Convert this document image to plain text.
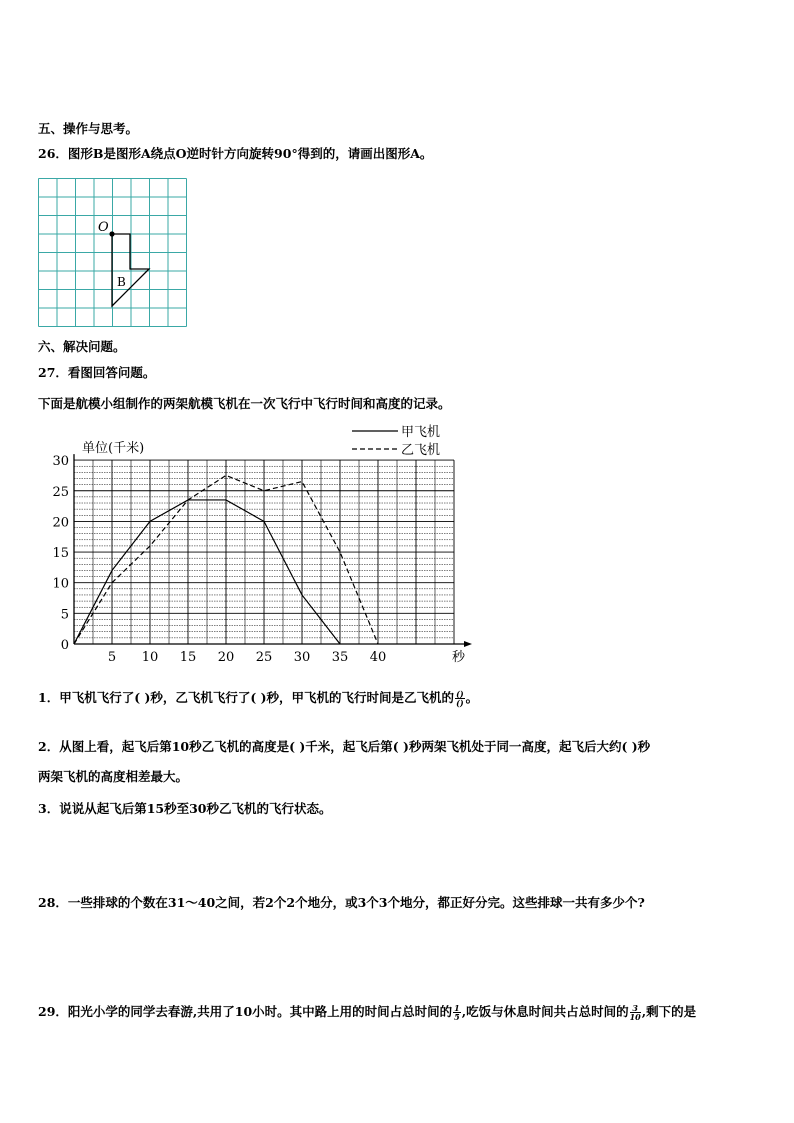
五、操作与思考。
26．图形B是图形A绕点O逆时针方向旋转90°得到的，请画出图形A。
O
B
六、解决问题。
27．看图回答问题。
下面是航模小组制作的两架航模飞机在一次飞行中飞行时间和高度的记录。
5 10 15 20 25 30 35 40
5
10
15
20
25
30
0
秒
单位(千米)
甲飞机
乙飞机
1．甲飞机飞行了( )秒，乙飞机飞行了( )秒，甲飞机的飞行时间是乙飞机的 $\frac{()}{()}$ 。
2．从图上看，起飞后第10秒乙飞机的高度是( )千米，起飞后第( )秒两架飞机处于同一高度，起飞后大约( )秒
两架飞机的高度相差最大。
3．说说从起飞后第15秒至30秒乙飞机的飞行状态。
28．一些排球的个数在31～40之间，若2个2个地分，或3个3个地分，都正好分完。这些排球一共有多少个?
29．阳光小学的同学去春游,共用了10小时。其中路上用的时间占总时间的 $\frac{1}{5}$ ,吃饭与休息时间共占总时间的 $\frac{3}{10}$ ,剩下的是
